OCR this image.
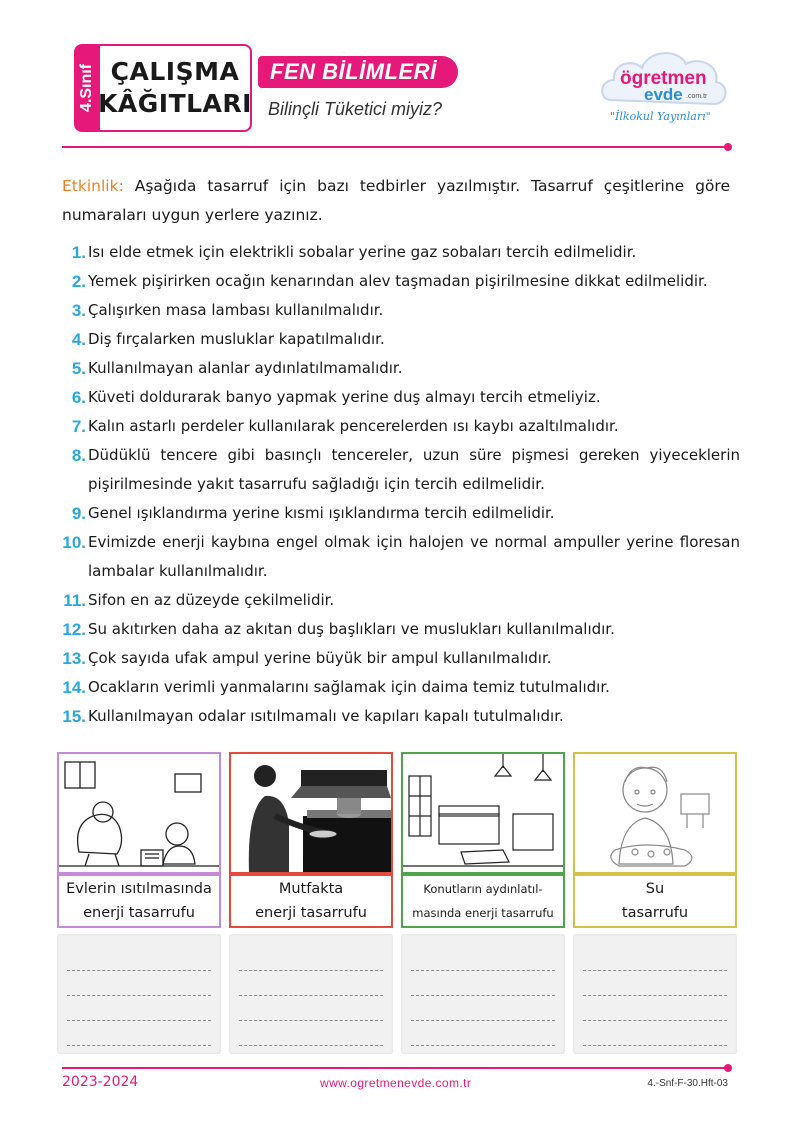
4.Sınıf ÇALIŞMA
KÂĞITLARI
FEN BİLİMLERİ
Bilinçli Tüketici miyiz?
ögretmen
evde .com.tr
"İlkokul Yayınları"

Etkinlik: Aşağıda tasarruf için bazı tedbirler yazılmıştır. Tasarruf çeşitlerine göre numaraları uygun yerlere yazınız.

1. Isı elde etmek için elektrikli sobalar yerine gaz sobaları tercih edilmelidir.
2. Yemek pişirirken ocağın kenarından alev taşmadan pişirilmesine dikkat edilmelidir.
3. Çalışırken masa lambası kullanılmalıdır.
4. Diş fırçalarken musluklar kapatılmalıdır.
5. Kullanılmayan alanlar aydınlatılmamalıdır.
6. Küveti doldurarak banyo yapmak yerine duş almayı tercih etmeliyiz.
7. Kalın astarlı perdeler kullanılarak pencerelerden ısı kaybı azaltılmalıdır.
8. Düdüklü tencere gibi basınçlı tencereler, uzun süre pişmesi gereken yiyeceklerin pişirilmesinde yakıt tasarrufu sağladığı için tercih edilmelidir.
9. Genel ışıklandırma yerine kısmi ışıklandırma tercih edilmelidir.
10. Evimizde enerji kaybına engel olmak için halojen ve normal ampuller yerine floresan lambalar kullanılmalıdır.
11. Sifon en az düzeyde çekilmelidir.
12. Su akıtırken daha az akıtan duş başlıkları ve muslukları kullanılmalıdır.
13. Çok sayıda ufak ampul yerine büyük bir ampul kullanılmalıdır.
14. Ocakların verimli yanmalarını sağlamak için daima temiz tutulmalıdır.
15. Kullanılmayan odalar ısıtılmamalı ve kapıları kapalı tutulmalıdır.
Evlerin ısıtılmasında
enerji tasarrufu
Mutfakta
enerji tasarrufu
Konutların aydınlatıl-
masında enerji tasarrufu
Su
tasarrufu
2023-2024	www.ogretmenevde.com.tr	4.-Snf-F-30.Hft-03
